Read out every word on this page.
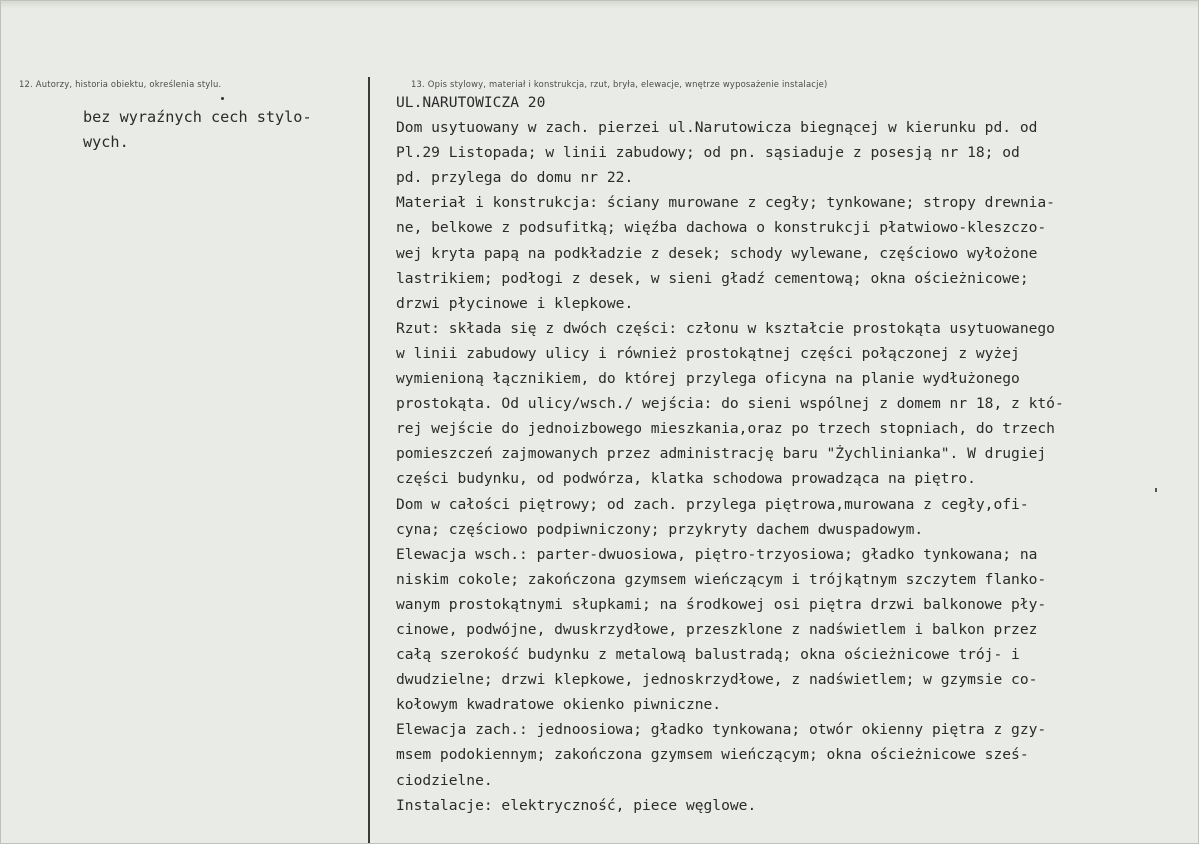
12. Autorzy, historia obiektu, określenia stylu.	13. Opis stylowy, materiał i konstrukcja, rzut, bryła, elewacje, wnętrze wyposażenie instalacje)
bez wyraźnych cech stylo-
wych.
UL.NARUTOWICZA 20
Dom usytuowany w zach. pierzei ul.Narutowicza biegnącej w kierunku pd. od
Pl.29 Listopada; w linii zabudowy; od pn. sąsiaduje z posesją nr 18; od
pd. przylega do domu nr 22.
Materiał i konstrukcja: ściany murowane z cegły; tynkowane; stropy drewnia-
ne, belkowe z podsufitką; więźba dachowa o konstrukcji płatwiowo-kleszczo-
wej kryta papą na podkładzie z desek; schody wylewane, częściowo wyłożone
lastrikiem; podłogi z desek, w sieni gładź cementową; okna ościeżnicowe;
drzwi płycinowe i klepkowe.
Rzut: składa się z dwóch części: członu w kształcie prostokąta usytuowanego
w linii zabudowy ulicy i również prostokątnej części połączonej z wyżej
wymienioną łącznikiem, do której przylega oficyna na planie wydłużonego
prostokąta. Od ulicy/wsch./ wejścia: do sieni wspólnej z domem nr 18, z któ-
rej wejście do jednoizbowego mieszkania,oraz po trzech stopniach, do trzech
pomieszczeń zajmowanych przez administrację baru "Żychlinianka". W drugiej
części budynku, od podwórza, klatka schodowa prowadząca na piętro.
Dom w całości piętrowy; od zach. przylega piętrowa,murowana z cegły,ofi-
cyna; częściowo podpiwniczony; przykryty dachem dwuspadowym.
Elewacja wsch.: parter-dwuosiowa, piętro-trzyosiowa; gładko tynkowana; na
niskim cokole; zakończona gzymsem wieńczącym i trójkątnym szczytem flanko-
wanym prostokątnymi słupkami; na środkowej osi piętra drzwi balkonowe pły-
cinowe, podwójne, dwuskrzydłowe, przeszklone z nadświetlem i balkon przez
całą szerokość budynku z metalową balustradą; okna ościeżnicowe trój- i
dwudzielne; drzwi klepkowe, jednoskrzydłowe, z nadświetlem; w gzymsie co-
kołowym kwadratowe okienko piwniczne.
Elewacja zach.: jednoosiowa; gładko tynkowana; otwór okienny piętra z gzy-
msem podokiennym; zakończona gzymsem wieńczącym; okna ościeżnicowe sześ-
ciodzielne.
Instalacje: elektryczność, piece węglowe.
